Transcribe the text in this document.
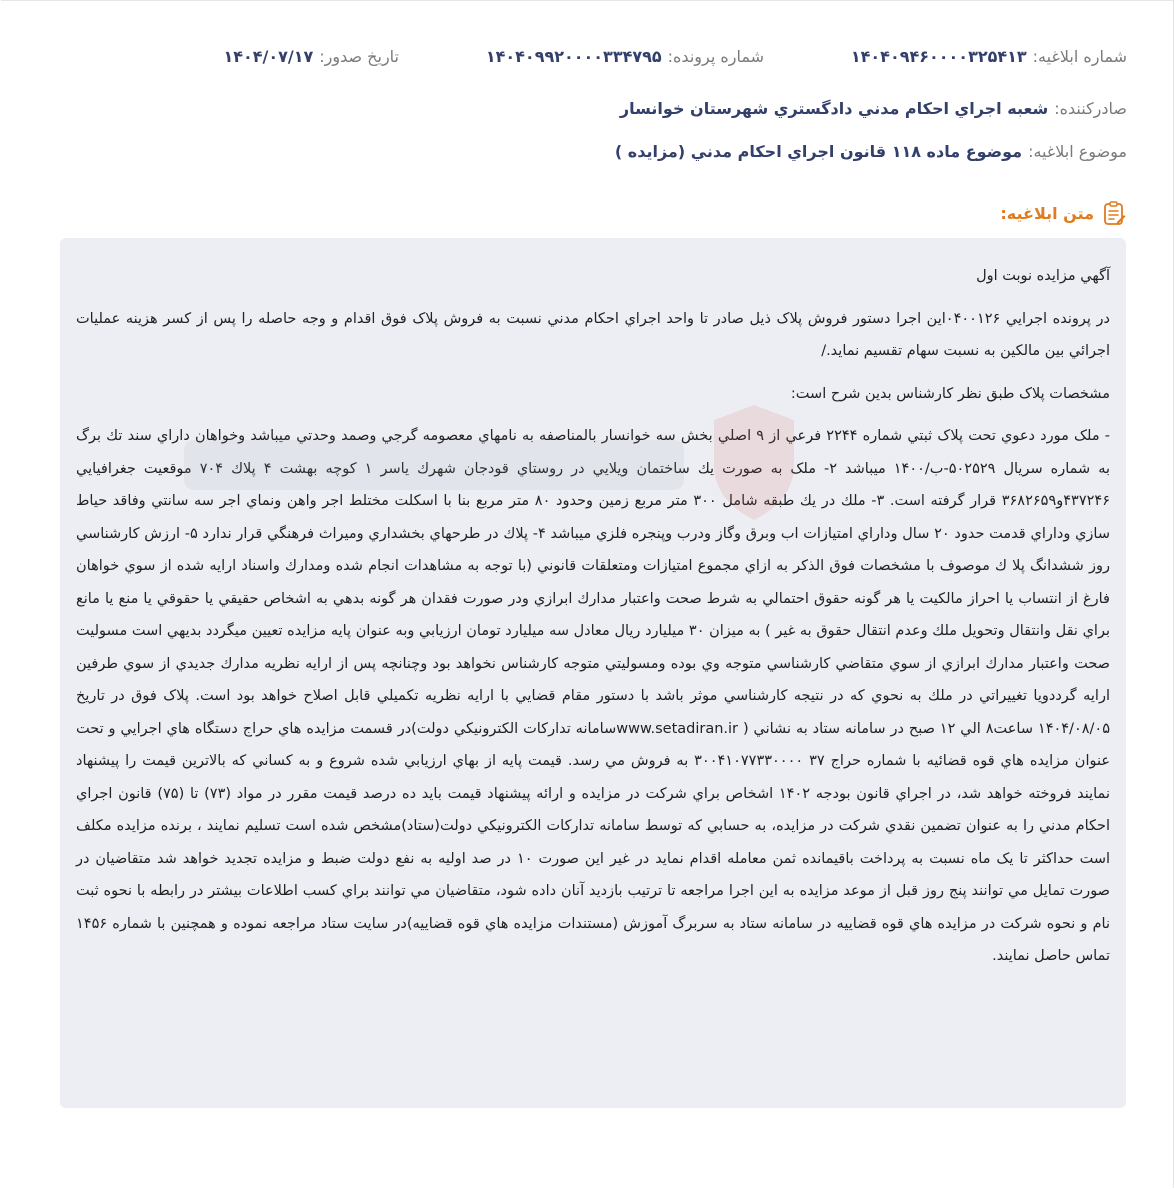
شماره ابلاغيه:
۱۴۰۴۰۹۴۶۰۰۰۰۳۲۵۴۱۳
شماره پرونده:
۱۴۰۴۰۹۹۲۰۰۰۰۳۳۴۷۹۵
تاريخ صدور:
۱۴۰۴/۰۷/۱۷
صادرکننده:
شعبه اجراي احکام مدني دادگستري شهرستان خوانسار
موضوع ابلاغيه:
موضوع ماده ۱۱۸ قانون اجراي احکام مدني (مزايده )
متن ابلاغيه:

آگهي مزايده نوبت اول

در پرونده اجرايي ۰۴۰۰۱۲۶اين اجرا دستور فروش پلاک ذيل صادر تا واحد اجراي احکام مدني نسبت به فروش پلاک فوق اقدام و وجه حاصله را پس از کسر هزينه عمليات اجرائي بين مالکين به نسبت سهام تقسيم نمايد./

مشخصات پلاک طبق نظر کارشناس بدين شرح است:

- ملک مورد دعوي تحت پلاک ثبتي شماره ۲۲۴۴ فرعي از ۹ اصلي بخش سه خوانسار بالمناصفه به نامهاي معصومه گرجي وصمد وحدتي ميباشد وخواهان داراي سند تك برگ به شماره سريال ۵۰۲۵۲۹-ب/۱۴۰۰ ميباشد ۲- ملک به صورت يك ساختمان ويلايي در روستاي قودجان شهرك ياسر ۱ کوچه بهشت ۴ پلاك ۷۰۴ موقعيت جغرافيايي ۴۳۷۲۴۶و۳۶۸۲۶۵۹ قرار گرفته است. ۳- ملك در يك طبقه شامل ۳۰۰ متر مربع زمين وحدود ۸۰ متر مربع بنا با اسكلت مختلط اجر واهن ونماي اجر سه سانتي وفاقد حياط سازي وداراي قدمت حدود ۲۰ سال وداراي امتيازات اب وبرق وگاز ودرب وپنجره فلزي ميباشد ۴- پلاك در طرحهاي بخشداري وميراث فرهنگي قرار ندارد ۵- ارزش كارشناسي روز ششدانگ پلا ك موصوف با مشخصات فوق الذكر به ازاي مجموع امتيازات ومتعلقات قانوني (با توجه به مشاهدات انجام شده ومدارك واسناد ارايه شده از سوي خواهان فارغ از انتساب يا احراز مالكيت يا هر گونه حقوق احتمالي به شرط صحت واعتبار مدارك ابرازي ودر صورت فقدان هر گونه بدهي به اشخاص حقيقي يا حقوقي يا منع يا مانع براي نقل وانتقال وتحويل ملك وعدم انتقال حقوق به غير ) به ميزان ۳۰ ميليارد ريال معادل سه ميليارد تومان ارزيابي وبه عنوان پايه مزايده تعيين ميگردد بديهي است مسوليت صحت واعتبار مدارك ابرازي از سوي متقاضي كارشناسي متوجه وي بوده ومسوليتي متوجه كارشناس نخواهد بود وچنانچه پس از ارايه نظريه مدارك جديدي از سوي طرفين ارايه گرددويا تغييراتي در ملك به نحوي كه در نتيجه كارشناسي موثر باشد با دستور مقام قضايي با ارايه نظريه تكميلي قابل اصلاح خواهد بود است. پلاک فوق در تاريخ ۱۴۰۴/۰۸/۰۵ ساعت۸ الي ۱۲ صبح در سامانه ستاد به نشاني ( www.setadiran.irسامانه تدارکات الکترونيکي دولت)در قسمت مزايده هاي حراج دستگاه هاي اجرايي و تحت عنوان مزايده هاي قوه قضائيه با شماره حراج ۳۷ ۳۰۰۴۱۰۷۷۳۳۰۰۰۰ به فروش مي رسد. قيمت پايه از بهاي ارزيابي شده شروع و به کساني که بالاترين قيمت را پيشنهاد نمايند فروخته خواهد شد، در اجراي قانون بودجه ۱۴۰۲ اشخاص براي شرکت در مزايده و ارائه پيشنهاد قيمت بايد ده درصد قيمت مقرر در مواد (۷۳) تا (۷۵) قانون اجراي احکام مدني را به عنوان تضمين نقدي شرکت در مزايده، به حسابي که توسط سامانه تدارکات الکترونيکي دولت(ستاد)مشخص شده است تسليم نمايند ، برنده مزايده مکلف است حداکثر تا يک ماه نسبت به پرداخت باقيمانده ثمن معامله اقدام نمايد در غير اين صورت ۱۰ در صد اوليه به نفع دولت ضبط و مزايده تجديد خواهد شد متقاضيان در صورت تمايل مي توانند پنج روز قبل از موعد مزايده به اين اجرا مراجعه تا ترتيب بازديد آنان داده شود، متقاضيان مي توانند براي کسب اطلاعات بيشتر در رابطه با نحوه ثبت نام و نحوه شرکت در مزايده هاي قوه قضاييه در سامانه ستاد به سربرگ آموزش (مستندات مزايده هاي قوه قضاييه)در سايت ستاد مراجعه نموده و همچنين با شماره ۱۴۵۶ تماس حاصل نمايند.
